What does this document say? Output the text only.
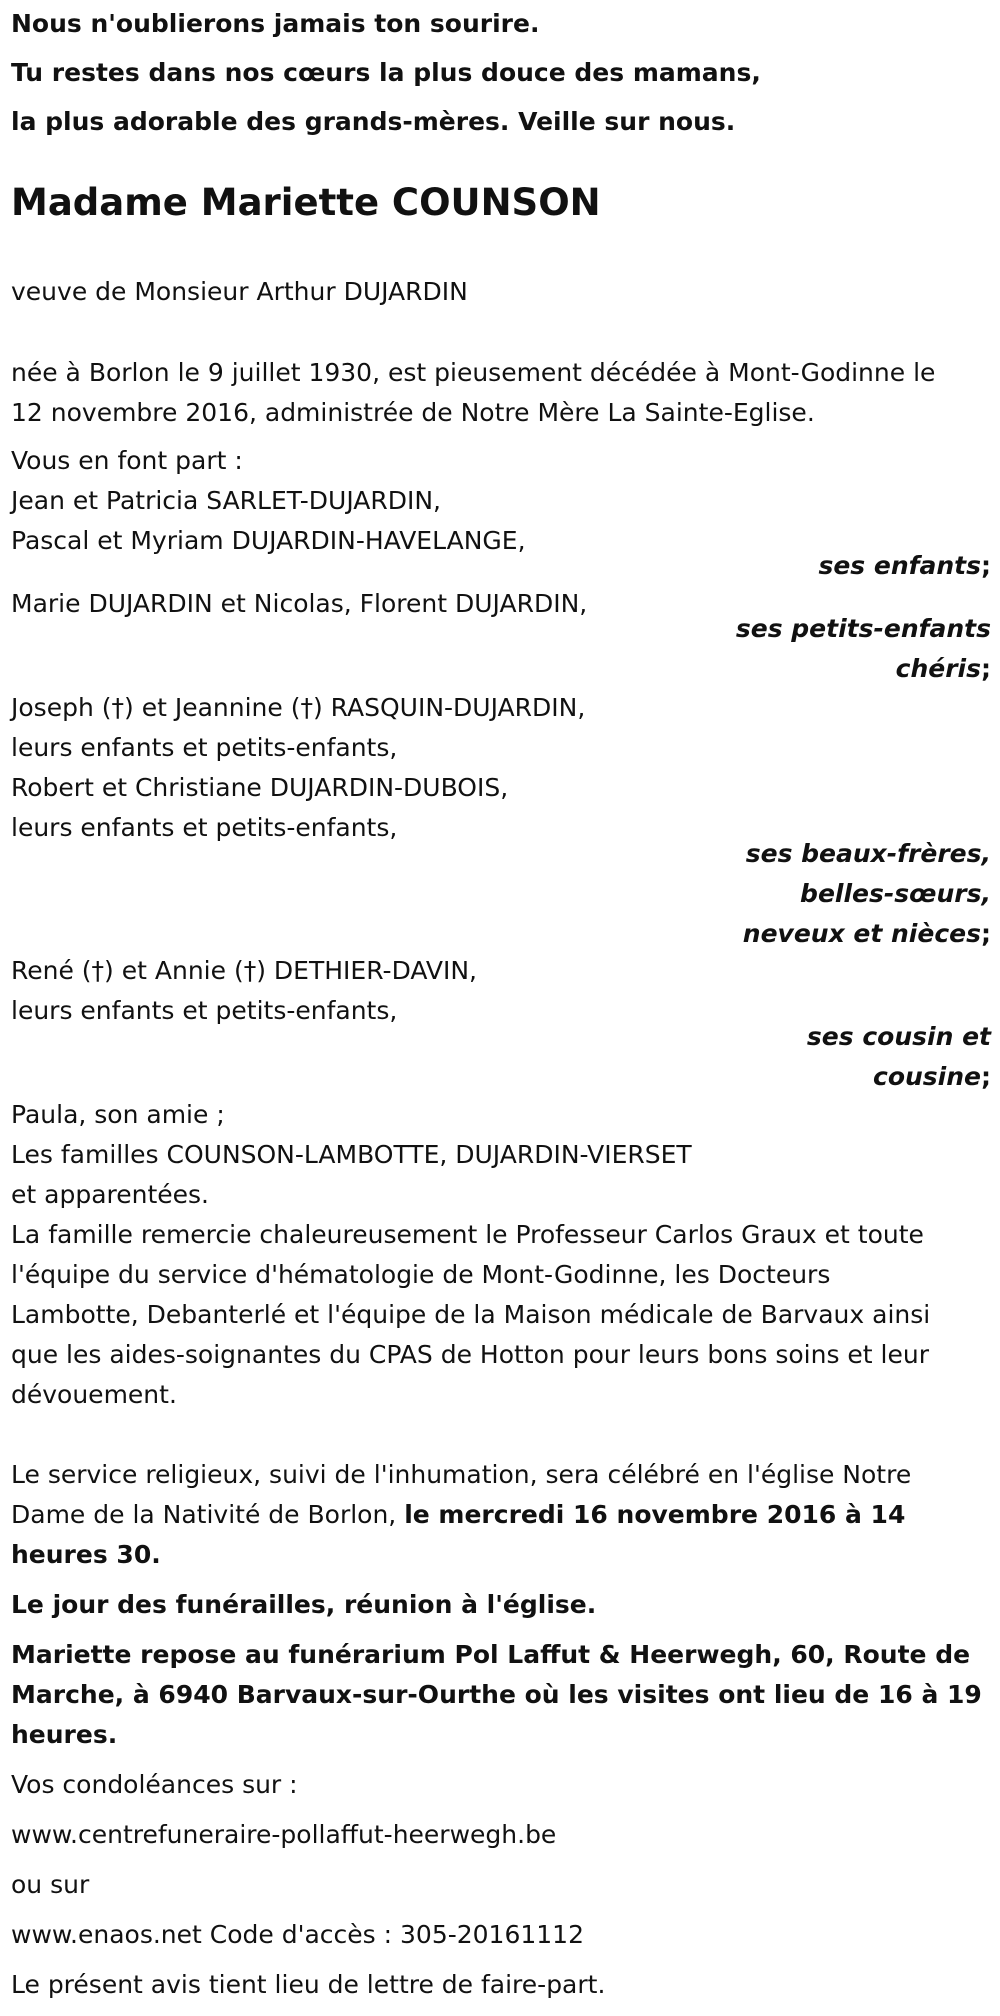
Nous n'oublierons jamais ton sourire.
Tu restes dans nos cœurs la plus douce des mamans,
la plus adorable des grands-mères. Veille sur nous.
Madame Mariette COUNSON
veuve de Monsieur Arthur DUJARDIN
née à Borlon le 9 juillet 1930, est pieusement décédée à Mont-Godinne le
12 novembre 2016, administrée de Notre Mère La Sainte-Eglise.
Vous en font part :
Jean et Patricia SARLET-DUJARDIN,
Pascal et Myriam DUJARDIN-HAVELANGE,
ses enfants;
Marie DUJARDIN et Nicolas, Florent DUJARDIN,
ses petits-enfants
chéris;
Joseph (†) et Jeannine (†) RASQUIN-DUJARDIN,
leurs enfants et petits-enfants,
Robert et Christiane DUJARDIN-DUBOIS,
leurs enfants et petits-enfants,
ses beaux-frères,
belles-sœurs,
neveux et nièces;
René (†) et Annie (†) DETHIER-DAVIN,
leurs enfants et petits-enfants,
ses cousin et
cousine;
Paula, son amie ;
Les familles COUNSON-LAMBOTTE, DUJARDIN-VIERSET
et apparentées.
La famille remercie chaleureusement le Professeur Carlos Graux et toute
l'équipe du service d'hématologie de Mont-Godinne, les Docteurs
Lambotte, Debanterlé et l'équipe de la Maison médicale de Barvaux ainsi
que les aides-soignantes du CPAS de Hotton pour leurs bons soins et leur
dévouement.
Le service religieux, suivi de l'inhumation, sera célébré en l'église Notre
Dame de la Nativité de Borlon, le mercredi 16 novembre 2016 à 14
heures 30.
Le jour des funérailles, réunion à l'église.
Mariette repose au funérarium Pol Laffut & Heerwegh, 60, Route de
Marche, à 6940 Barvaux-sur-Ourthe où les visites ont lieu de 16 à 19
heures.
Vos condoléances sur :
www.centrefuneraire-pollaffut-heerwegh.be
ou sur
www.enaos.net Code d'accès : 305-20161112
Le présent avis tient lieu de lettre de faire-part.
